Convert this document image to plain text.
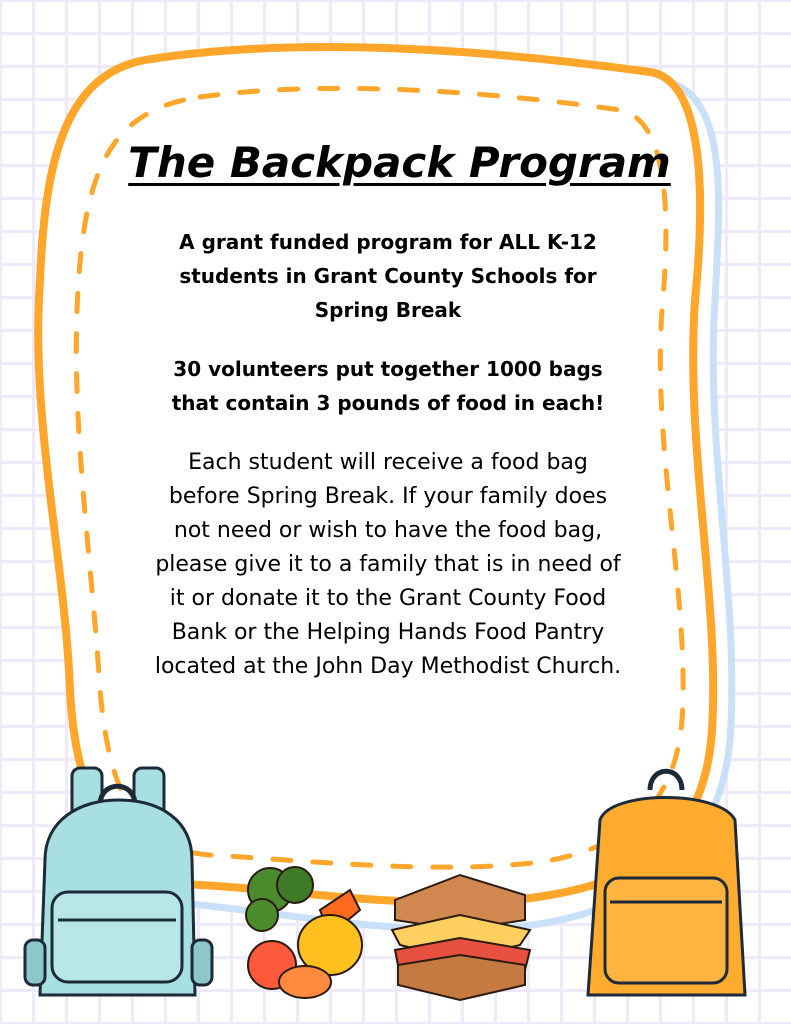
The Backpack Program
A grant funded program for ALL K-12 students in Grant County Schools for Spring Break
30 volunteers put together 1000 bags that contain 3 pounds of food in each!
Each student will receive a food bag before Spring Break. If your family does not need or wish to have the food bag, please give it to a family that is in need of it or donate it to the Grant County Food Bank or the Helping Hands Food Pantry located at the John Day Methodist Church.
